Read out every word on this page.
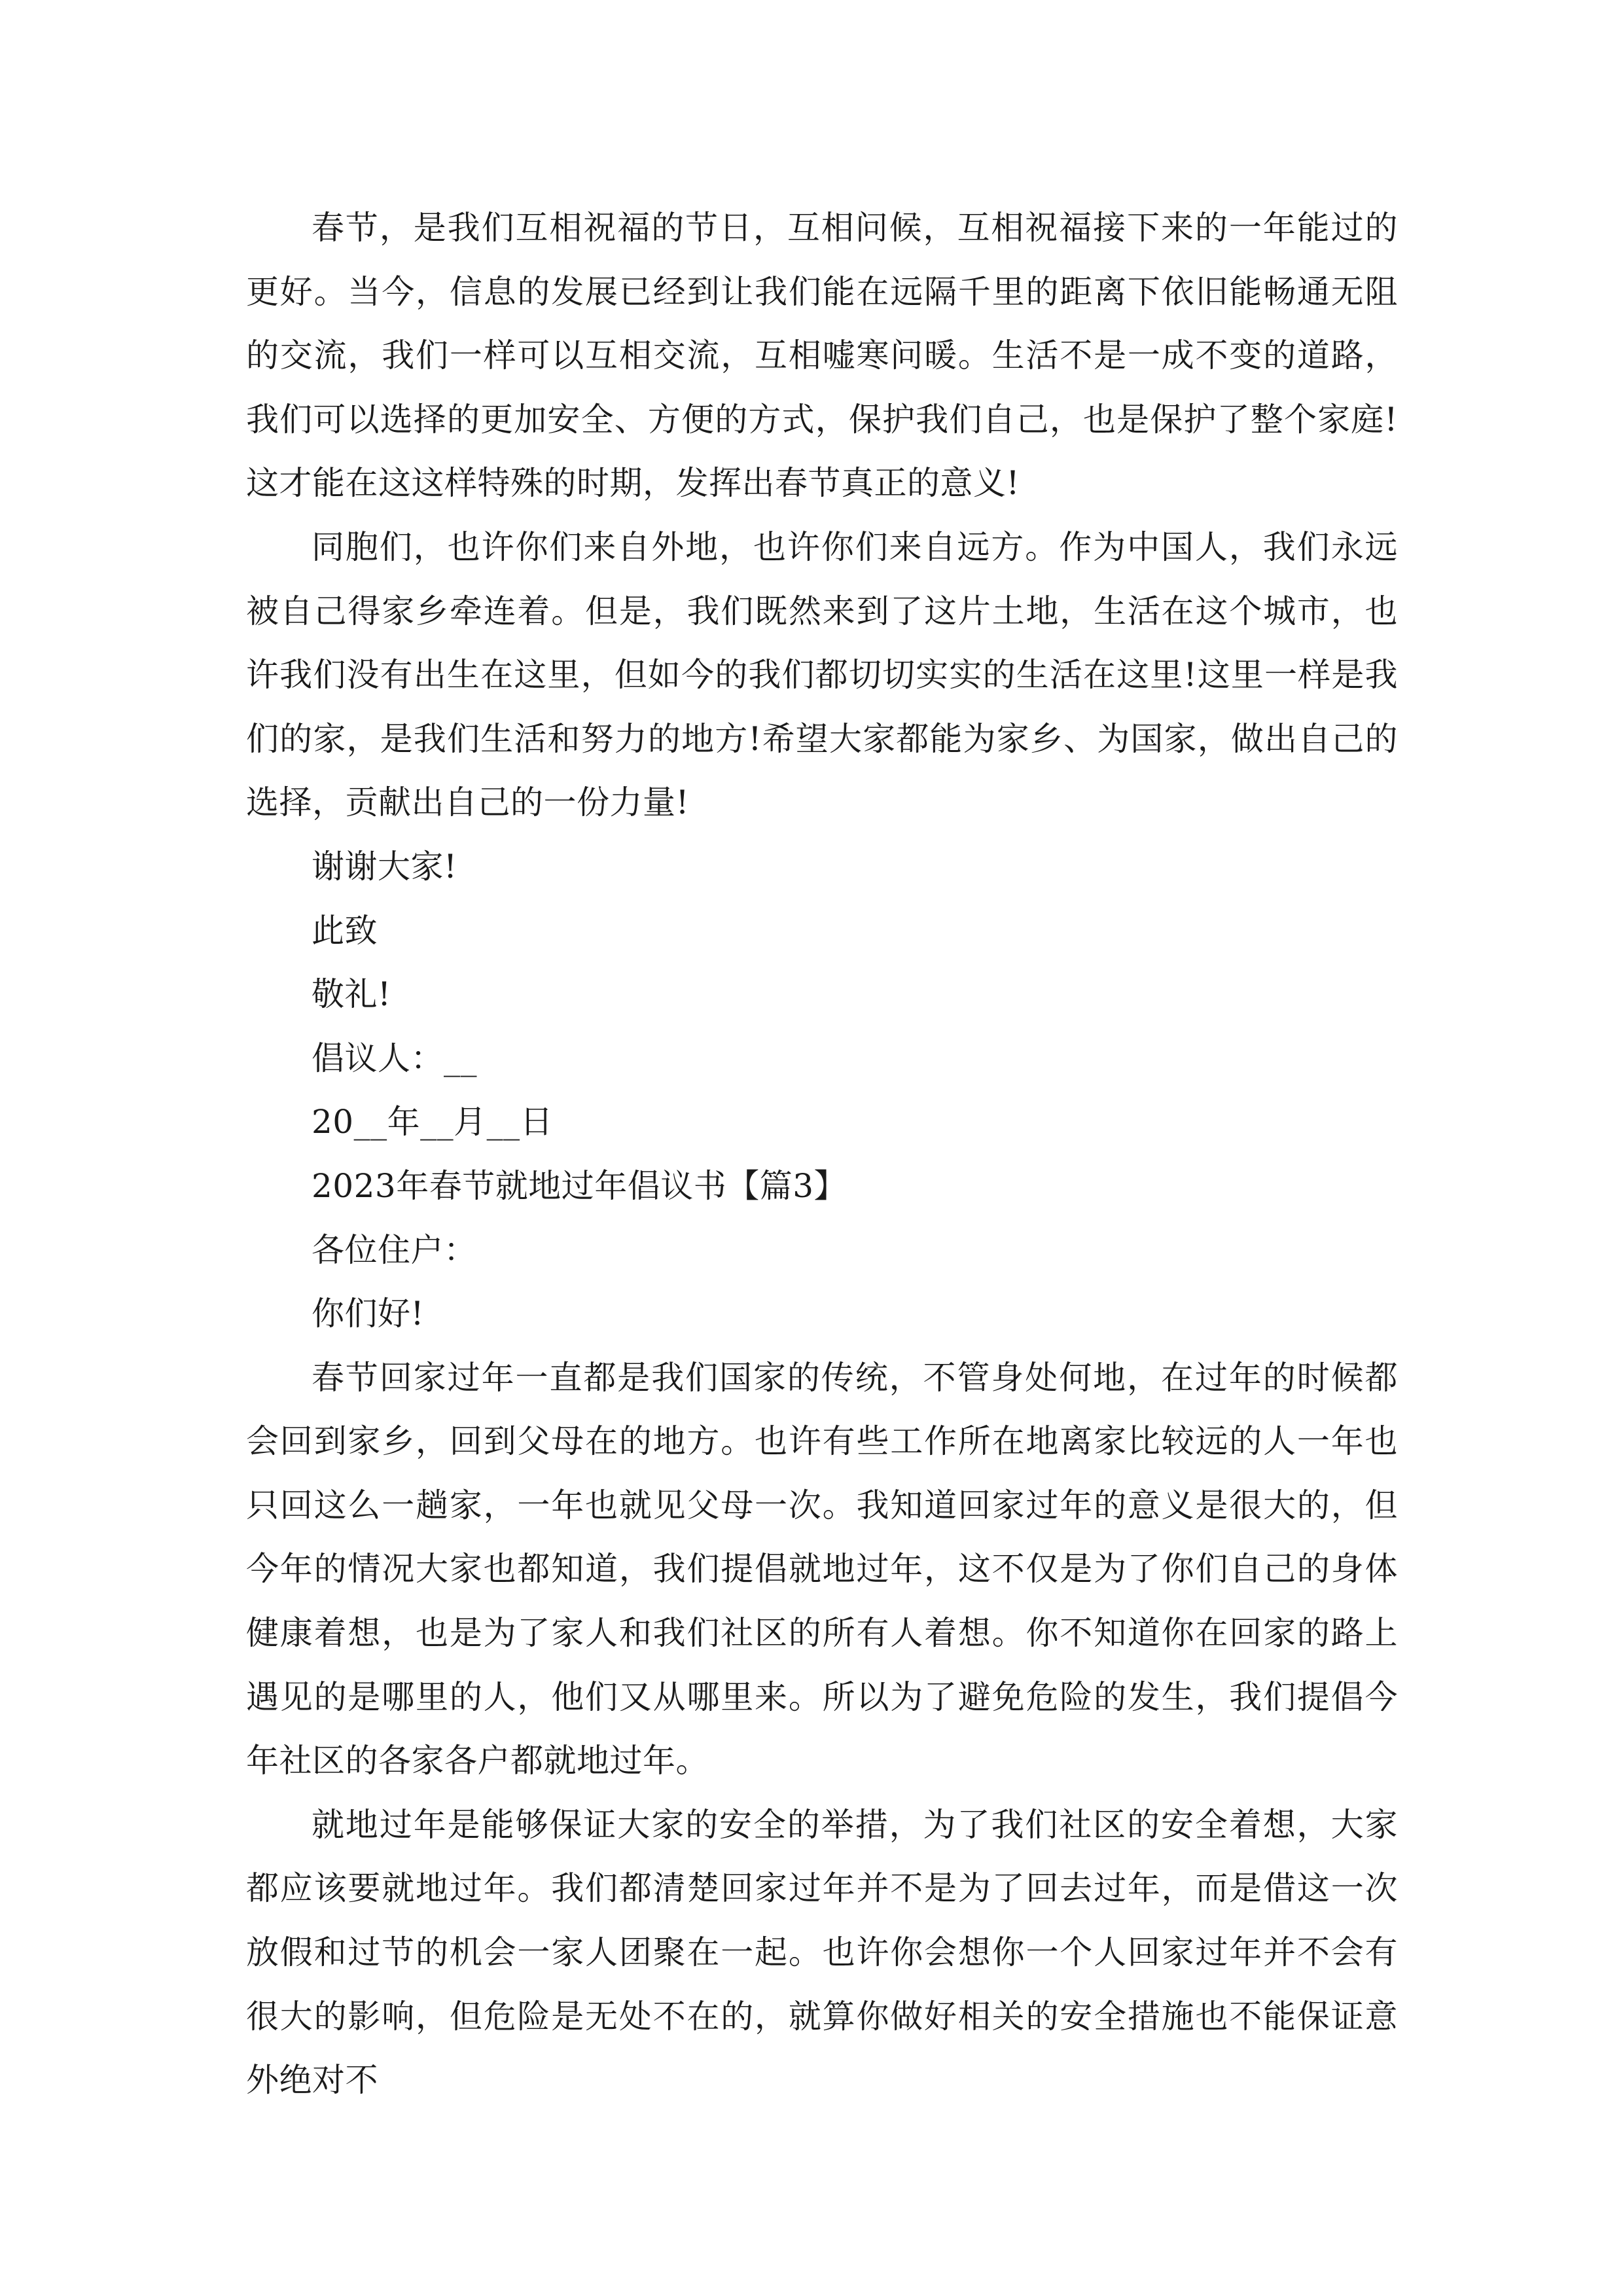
春节，是我们互相祝福的节日，互相问候，互相祝福接下来的一年能过的更好。当今，信息的发展已经到让我们能在远隔千里的距离下依旧能畅通无阻的交流，我们一样可以互相交流，互相嘘寒问暖。生活不是一成不变的道路，我们可以选择的更加安全、方便的方式，保护我们自己，也是保护了整个家庭!这才能在这这样特殊的时期，发挥出春节真正的意义!

同胞们，也许你们来自外地，也许你们来自远方。作为中国人，我们永远被自己得家乡牵连着。但是，我们既然来到了这片土地，生活在这个城市，也许我们没有出生在这里，但如今的我们都切切实实的生活在这里!这里一样是我们的家，是我们生活和努力的地方!希望大家都能为家乡、为国家，做出自己的选择，贡献出自己的一份力量!

谢谢大家!

此致

敬礼!

倡议人：__

20__年__月__日

2023年春节就地过年倡议书【篇3】

各位住户：

你们好!

春节回家过年一直都是我们国家的传统，不管身处何地，在过年的时候都会回到家乡，回到父母在的地方。也许有些工作所在地离家比较远的人一年也只回这么一趟家，一年也就见父母一次。我知道回家过年的意义是很大的，但今年的情况大家也都知道，我们提倡就地过年，这不仅是为了你们自己的身体健康着想，也是为了家人和我们社区的所有人着想。你不知道你在回家的路上遇见的是哪里的人，他们又从哪里来。所以为了避免危险的发生，我们提倡今年社区的各家各户都就地过年。

就地过年是能够保证大家的安全的举措，为了我们社区的安全着想，大家都应该要就地过年。我们都清楚回家过年并不是为了回去过年，而是借这一次放假和过节的机会一家人团聚在一起。也许你会想你一个人回家过年并不会有很大的影响，但危险是无处不在的，就算你做好相关的安全措施也不能保证意外绝对不
